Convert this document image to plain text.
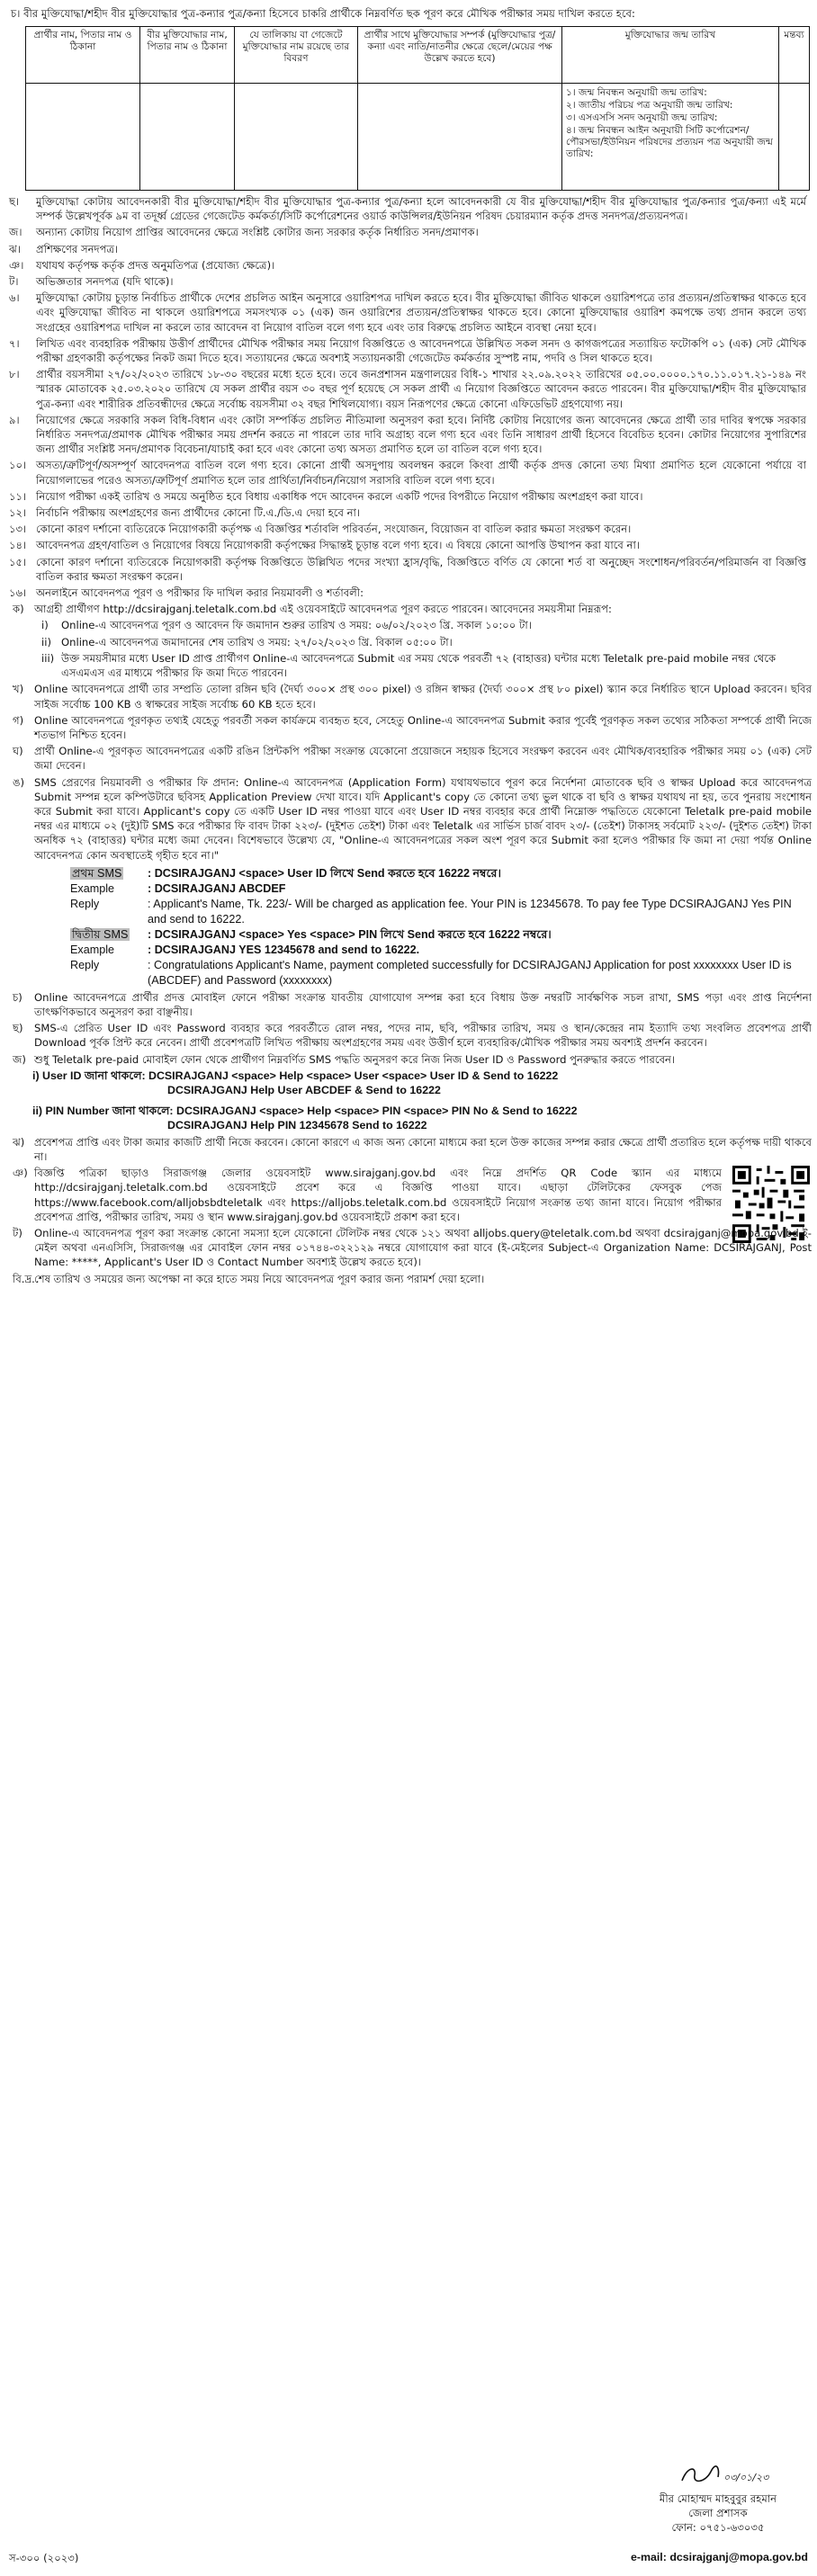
চ। বীর মুক্তিযোদ্ধা/শহীদ বীর মুক্তিযোদ্ধার পুত্র-কন্যার পুত্র/কন্যা হিসেবে চাকরি প্রার্থীকে নিম্নবর্ণিত ছক পূরণ করে মৌখিক পরীক্ষার সময় দাখিল করতে হবে:
প্রার্থীর নাম, পিতার নাম ও ঠিকানা	বীর মুক্তিযোদ্ধার নাম, পিতার নাম ও ঠিকানা	যে তালিকায় বা গেজেটে মুক্তিযোদ্ধার নাম রয়েছে তার বিবরণ	প্রার্থীর সাথে মুক্তিযোদ্ধার সম্পর্ক (মুক্তিযোদ্ধার পুত্র/কন্যা এবং নাতি/নাতনীর ক্ষেত্রে ছেলে/মেয়ের পক্ষ উল্লেখ করতে হবে)	মুক্তিযোদ্ধার জন্ম তারিখ	মন্তব্য

				১। জন্ম নিবন্ধন অনুযায়ী জন্ম তারিখ:
২। জাতীয় পরিচয় পত্র অনুযায়ী জন্ম তারিখ:
৩। এসএসসি সনদ অনুযায়ী জন্ম তারিখ:
৪। জন্ম নিবন্ধন আইন অনুযায়ী সিটি কর্পোরেশন/পৌরসভা/ইউনিয়ন পরিষদের প্রত্যয়ন পত্র অনুযায়ী জন্ম তারিখ:	

ছ। মুক্তিযোদ্ধা কোটায় আবেদনকারী বীর মুক্তিযোদ্ধা/শহীদ বীর মুক্তিযোদ্ধার পুত্র-কন্যার পুত্র/কন্যা হলে আবেদনকারী যে বীর মুক্তিযোদ্ধা/শহীদ বীর মুক্তিযোদ্ধার পুত্র/কন্যার পুত্র/কন্যা এই মর্মে সম্পর্ক উল্লেখপূর্বক ৯ম বা তদূর্ধ্ব গ্রেডের গেজেটেড কর্মকর্তা/সিটি কর্পোরেশনের ওয়ার্ড কাউন্সিলর/ইউনিয়ন পরিষদ চেয়ারম্যান কর্তৃক প্রদত্ত সনদপত্র/প্রত্যয়নপত্র।
জ। অন্যান্য কোটায় নিয়োগ প্রাপ্তির আবেদনের ক্ষেত্রে সংশ্লিষ্ট কোটার জন্য সরকার কর্তৃক নির্ধারিত সনদ/প্রমাণক।
ঝ। প্রশিক্ষণের সনদপত্র।
ঞ। যথাযথ কর্তৃপক্ষ কর্তৃক প্রদত্ত অনুমতিপত্র (প্রযোজ্য ক্ষেত্রে)।
ট। অভিজ্ঞতার সনদপত্র (যদি থাকে)।
৬। মুক্তিযোদ্ধা কোটায় চূড়ান্ত নির্বাচিত প্রার্থীকে দেশের প্রচলিত আইন অনুসারে ওয়ারিশপত্র দাখিল করতে হবে। বীর মুক্তিযোদ্ধা জীবিত থাকলে ওয়ারিশপত্রে তার প্রত্যয়ন/প্রতিস্বাক্ষর থাকতে হবে এবং মুক্তিযোদ্ধা জীবিত না থাকলে ওয়ারিশপত্রে সমসংখ্যক ০১ (এক) জন ওয়ারিশের প্রত্যয়ন/প্রতিস্বাক্ষর থাকতে হবে। কোনো মুক্তিযোদ্ধার ওয়ারিশ কমপক্ষে তথ্য প্রদান করলে তথ্য সংগ্রহের ওয়ারিশপত্র দাখিল না করলে তার আবেদন বা নিয়োগ বাতিল বলে গণ্য হবে এবং তার বিরুদ্ধে প্রচলিত আইনে ব্যবস্থা নেয়া হবে।
৭। লিখিত এবং ব্যবহারিক পরীক্ষায় উত্তীর্ণ প্রার্থীদের মৌখিক পরীক্ষার সময় নিয়োগ বিজ্ঞপ্তিতে ও আবেদনপত্রে উল্লিখিত সকল সনদ ও কাগজপত্রের সত্যায়িত ফটোকপি ০১ (এক) সেট মৌখিক পরীক্ষা গ্রহণকারী কর্তৃপক্ষের নিকট জমা দিতে হবে। সত্যায়নের ক্ষেত্রে অবশ্যই সত্যায়নকারী গেজেটেড কর্মকর্তার সুস্পষ্ট নাম, পদবি ও সিল থাকতে হবে।
৮। প্রার্থীর বয়সসীমা ২৭/০২/২০২৩ তারিখে ১৮-৩০ বছরের মধ্যে হতে হবে। তবে জনপ্রশাসন মন্ত্রণালয়ের বিধি-১ শাখার ২২.০৯.২০২২ তারিখের ০৫.০০.০০০০.১৭০.১১.০১৭.২১-১৪৯ নং স্মারক মোতাবেক ২৫.০৩.২০২০ তারিখে যে সকল প্রার্থীর বয়স ৩০ বছর পূর্ণ হয়েছে সে সকল প্রার্থী এ নিয়োগ বিজ্ঞপ্তিতে আবেদন করতে পারবেন। বীর মুক্তিযোদ্ধা/শহীদ বীর মুক্তিযোদ্ধার পুত্র-কন্যা এবং শারীরিক প্রতিবন্ধীদের ক্ষেত্রে সর্বোচ্চ বয়সসীমা ৩২ বছর শিথিলযোগ্য। বয়স নিরূপণের ক্ষেত্রে কোনো এফিডেভিট গ্রহণযোগ্য নয়।
৯। নিয়োগের ক্ষেত্রে সরকারি সকল বিধি-বিধান এবং কোটা সম্পর্কিত প্রচলিত নীতিমালা অনুসরণ করা হবে। নির্দিষ্ট কোটায় নিয়োগের জন্য আবেদনের ক্ষেত্রে প্রার্থী তার দাবির স্বপক্ষে সরকার নির্ধারিত সনদপত্র/প্রমাণক মৌখিক পরীক্ষার সময় প্রদর্শন করতে না পারলে তার দাবি অগ্রাহ্য বলে গণ্য হবে এবং তিনি সাধারণ প্রার্থী হিসেবে বিবেচিত হবেন। কোটার নিয়োগের সুপারিশের জন্য প্রার্থীর সংশ্লিষ্ট সনদ/প্রমাণক বিবেচনা/যাচাই করা হবে এবং কোনো তথ্য অসত্য প্রমাণিত হলে তা বাতিল বলে গণ্য হবে।
১০। অসত্য/ত্রুটিপূর্ণ/অসম্পূর্ণ আবেদনপত্র বাতিল বলে গণ্য হবে। কোনো প্রার্থী অসদুপায় অবলম্বন করলে কিংবা প্রার্থী কর্তৃক প্রদত্ত কোনো তথ্য মিথ্যা প্রমাণিত হলে যেকোনো পর্যায়ে বা নিয়োগলাভের পরেও অসত্য/ত্রুটিপূর্ণ প্রমাণিত হলে তার প্রার্থিতা/নির্বাচন/নিয়োগ সরাসরি বাতিল বলে গণ্য হবে।
১১। নিয়োগ পরীক্ষা একই তারিখ ও সময়ে অনুষ্ঠিত হবে বিধায় একাধিক পদে আবেদন করলে একটি পদের বিপরীতে নিয়োগ পরীক্ষায় অংশগ্রহণ করা যাবে।
১২। নির্বাচনি পরীক্ষায় অংশগ্রহণের জন্য প্রার্থীদের কোনো টি.এ./ডি.এ দেয়া হবে না।
১৩। কোনো কারণ দর্শানো ব্যতিরেকে নিয়োগকারী কর্তৃপক্ষ এ বিজ্ঞপ্তির শর্তাবলি পরিবর্তন, সংযোজন, বিয়োজন বা বাতিল করার ক্ষমতা সংরক্ষণ করেন।
১৪। আবেদনপত্র গ্রহণ/বাতিল ও নিয়োগের বিষয়ে নিয়োগকারী কর্তৃপক্ষের সিদ্ধান্তই চূড়ান্ত বলে গণ্য হবে। এ বিষয়ে কোনো আপত্তি উত্থাপন করা যাবে না।
১৫। কোনো কারণ দর্শানো ব্যতিরেকে নিয়োগকারী কর্তৃপক্ষ বিজ্ঞপ্তিতে উল্লিখিত পদের সংখ্যা হ্রাস/বৃদ্ধি, বিজ্ঞপ্তিতে বর্ণিত যে কোনো শর্ত বা অনুচ্ছেদ সংশোধন/পরিবর্তন/পরিমার্জন বা বিজ্ঞপ্তি বাতিল করার ক্ষমতা সংরক্ষণ করেন।
১৬। অনলাইনে আবেদনপত্র পূরণ ও পরীক্ষার ফি দাখিল করার নিয়মাবলী ও শর্তাবলী:
ক) আগ্রহী প্রার্থীগণ http://dcsirajganj.teletalk.com.bd এই ওয়েবসাইটে আবেদনপত্র পূরণ করতে পারবেন। আবেদনের সময়সীমা নিম্নরূপ:
i) Online-এ আবেদনপত্র পূরণ ও আবেদন ফি জমাদান শুরুর তারিখ ও সময়: ০৬/০২/২০২৩ খ্রি. সকাল ১০:০০ টা।
ii) Online-এ আবেদনপত্র জমাদানের শেষ তারিখ ও সময়: ২৭/০২/২০২৩ খ্রি. বিকাল ০৫:০০ টা।
iii) উক্ত সময়সীমার মধ্যে User ID প্রাপ্ত প্রার্থীগণ Online-এ আবেদনপত্রে Submit এর সময় থেকে পরবর্তী ৭২ (বাহাত্তর) ঘন্টার মধ্যে Teletalk pre-paid mobile নম্বর থেকে এসএমএস এর মাধ্যমে পরীক্ষার ফি জমা দিতে পারবেন।
খ) Online আবেদনপত্রে প্রার্থী তার সম্প্রতি তোলা রঙ্গিন ছবি (দৈর্ঘ্য ৩০০× প্রস্থ ৩০০ pixel) ও রঙ্গিন স্বাক্ষর (দৈর্ঘ্য ৩০০× প্রস্থ ৮০ pixel) স্ক্যান করে নির্ধারিত স্থানে Upload করবেন। ছবির সাইজ সর্বোচ্চ 100 KB ও স্বাক্ষরের সাইজ সর্বোচ্চ 60 KB হতে হবে।
গ) Online আবেদনপত্রে পূরণকৃত তথ্যই যেহেতু পরবর্তী সকল কার্যক্রমে ব্যবহৃত হবে, সেহেতু Online-এ আবেদনপত্র Submit করার পূর্বেই পূরণকৃত সকল তথ্যের সঠিকতা সম্পর্কে প্রার্থী নিজে শতভাগ নিশ্চিত হবেন।
ঘ) প্রার্থী Online-এ পূরণকৃত আবেদনপত্রের একটি রঙিন প্রিন্টকপি পরীক্ষা সংক্রান্ত যেকোনো প্রয়োজনে সহায়ক হিসেবে সংরক্ষণ করবেন এবং মৌখিক/ব্যবহারিক পরীক্ষার সময় ০১ (এক) সেট জমা দেবেন।
ঙ) SMS প্রেরণের নিয়মাবলী ও পরীক্ষার ফি প্রদান: Online-এ আবেদনপত্র (Application Form) যথাযথভাবে পূরণ করে নির্দেশনা মোতাবেক ছবি ও স্বাক্ষর Upload করে আবেদনপত্র Submit সম্পন্ন হলে কম্পিউটারে ছবিসহ Application Preview দেখা যাবে। যদি Applicant's copy তে কোনো তথ্য ভুল থাকে বা ছবি ও স্বাক্ষর যথাযথ না হয়, তবে পুনরায় সংশোধন করে Submit করা যাবে। Applicant's copy তে একটি User ID নম্বর পাওয়া যাবে এবং User ID নম্বর ব্যবহার করে প্রার্থী নিম্নোক্ত পদ্ধতিতে যেকোনো Teletalk pre-paid mobile নম্বর এর মাধ্যমে ০২ (দুই)টি SMS করে পরীক্ষার ফি বাবদ টাকা ২২৩/- (দুইশত তেইশ) টাকা এবং Teletalk এর সার্ভিস চার্জ বাবদ ২৩/- (তেইশ) টাকাসহ সর্বমোট ২২৩/- (দুইশত তেইশ) টাকা অনধিক ৭২ (বাহাত্তর) ঘন্টার মধ্যে জমা দেবেন। বিশেষভাবে উল্লেখ্য যে, "Online-এ আবেদনপত্রের সকল অংশ পূরণ করে Submit করা হলেও পরীক্ষার ফি জমা না দেয়া পর্যন্ত Online আবেদনপত্র কোন অবস্থাতেই গৃহীত হবে না।"
প্রথম SMS	: DCSIRAJGANJ <space> User ID লিখে Send করতে হবে 16222 নম্বরে।
Example	: DCSIRAJGANJ ABCDEF
Reply	: Applicant's Name, Tk. 223/- Will be charged as application fee. Your PIN is 12345678. To pay fee Type DCSIRAJGANJ Yes PIN and send to 16222.
দ্বিতীয় SMS	: DCSIRAJGANJ <space> Yes <space> PIN লিখে Send করতে হবে 16222 নম্বরে।
Example	: DCSIRAJGANJ YES 12345678 and send to 16222.
Reply	: Congratulations Applicant's Name, payment completed successfully for DCSIRAJGANJ Application for post xxxxxxxx User ID is (ABCDEF) and Password (xxxxxxxx)
চ) Online আবেদনপত্রে প্রার্থীর প্রদত্ত মোবাইল ফোনে পরীক্ষা সংক্রান্ত যাবতীয় যোগাযোগ সম্পন্ন করা হবে বিধায় উক্ত নম্বরটি সার্বক্ষণিক সচল রাখা, SMS পড়া এবং প্রাপ্ত নির্দেশনা তাৎক্ষণিকভাবে অনুসরণ করা বাঞ্ছনীয়।
ছ) SMS-এ প্রেরিত User ID এবং Password ব্যবহার করে পরবর্তীতে রোল নম্বর, পদের নাম, ছবি, পরীক্ষার তারিখ, সময় ও স্থান/কেন্দ্রের নাম ইত্যাদি তথ্য সংবলিত প্রবেশপত্র প্রার্থী Download পূর্বক প্রিন্ট করে নেবেন। প্রার্থী প্রবেশপত্রটি লিখিত পরীক্ষায় অংশগ্রহণের সময় এবং উত্তীর্ণ হলে ব্যবহারিক/মৌখিক পরীক্ষার সময় অবশ্যই প্রদর্শন করবেন।
জ) শুধু Teletalk pre-paid মোবাইল ফোন থেকে প্রার্থীগণ নিম্নবর্ণিত SMS পদ্ধতি অনুসরণ করে নিজ নিজ User ID ও Password পুনরুদ্ধার করতে পারবেন।
i) User ID জানা থাকলে: DCSIRAJGANJ <space> Help <space> User <space> User ID & Send to 16222
DCSIRAJGANJ Help User ABCDEF & Send to 16222
ii) PIN Number জানা থাকলে: DCSIRAJGANJ <space> Help <space> PIN <space> PIN No & Send to 16222
DCSIRAJGANJ Help PIN 12345678 Send to 16222
ঝ) প্রবেশপত্র প্রাপ্তি এবং টাকা জমার কাজটি প্রার্থী নিজে করবেন। কোনো কারণে এ কাজ অন্য কোনো মাধ্যমে করা হলে উক্ত কাজের সম্পন্ন করার ক্ষেত্রে প্রার্থী প্রতারিত হলে কর্তৃপক্ষ দায়ী থাকবে না।
ঞ) বিজ্ঞপ্তি পত্রিকা ছাড়াও সিরাজগঞ্জ জেলার ওয়েবসাইট www.sirajganj.gov.bd এবং নিম্নে প্রদর্শিত QR Code স্ক্যান এর মাধ্যমে http://dcsirajganj.teletalk.com.bd ওয়েবসাইটে প্রবেশ করে এ বিজ্ঞপ্তি পাওয়া যাবে। এছাড়া টেলিটকের ফেসবুক পেজ https://www.facebook.com/alljobsbdteletalk এবং https://alljobs.teletalk.com.bd ওয়েবসাইটে নিয়োগ সংক্রান্ত তথ্য জানা যাবে। নিয়োগ পরীক্ষার প্রবেশপত্র প্রাপ্তি, পরীক্ষার তারিখ, সময় ও স্থান www.sirajganj.gov.bd ওয়েবসাইটে প্রকাশ করা হবে।
ট) Online-এ আবেদনপত্র পূরণ করা সংক্রান্ত কোনো সমস্যা হলে যেকোনো টেলিটক নম্বর থেকে ১২১ অথবা alljobs.query@teletalk.com.bd অথবা dcsirajganj@mopa.gov.bd ই-মেইল অথবা এনএসিসি, সিরাজগঞ্জ এর মোবাইল ফোন নম্বর ০১৭৪৪-৩২২১২৯ নম্বরে যোগাযোগ করা যাবে (ই-মেইলের Subject-এ Organization Name: DCSIRAJGANJ, Post Name: *****, Applicant's User ID ও Contact Number অবশ্যই উল্লেখ করতে হবে)।
বি.দ্র. শেষ তারিখ ও সময়ের জন্য অপেক্ষা না করে হাতে সময় নিয়ে আবেদনপত্র পূরণ করার জন্য পরামর্শ দেয়া হলো।
০৩/০১/২৩
মীর মোহাম্মদ মাহবুবুর রহমান
জেলা প্রশাসক
ফোন: ০৭৫১-৬৩০৩৫
স-৩০০ (২০২৩)	e-mail: dcsirajganj@mopa.gov.bd
